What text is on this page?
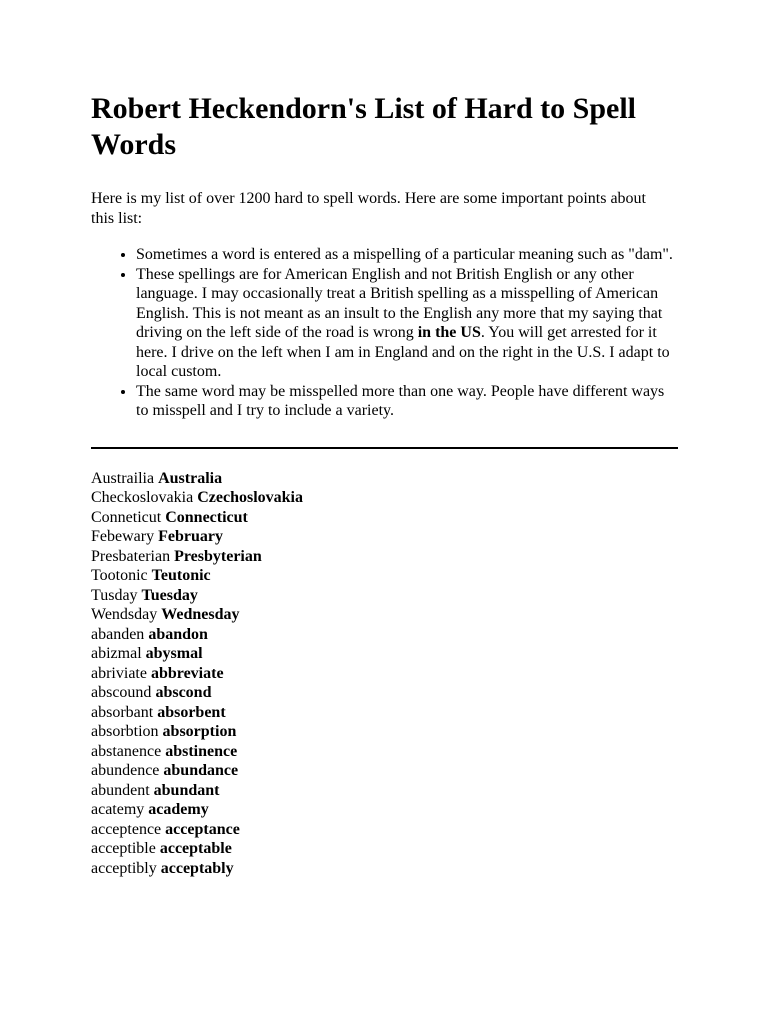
Robert Heckendorn's List of Hard to Spell Words

Here is my list of over 1200 hard to spell words. Here are some important points about this list:

• Sometimes a word is entered as a mispelling of a particular meaning such as "dam".
• These spellings are for American English and not British English or any other language. I may occasionally treat a British spelling as a misspelling of American English. This is not meant as an insult to the English any more that my saying that driving on the left side of the road is wrong in the US. You will get arrested for it here. I drive on the left when I am in England and on the right in the U.S. I adapt to local custom.
• The same word may be misspelled more than one way. People have different ways to misspell and I try to include a variety.
Austrailia Australia
Checkoslovakia Czechoslovakia
Conneticut Connecticut
Febewary February
Presbaterian Presbyterian
Tootonic Teutonic
Tusday Tuesday
Wendsday Wednesday
abanden abandon
abizmal abysmal
abriviate abbreviate
abscound abscond
absorbant absorbent
absorbtion absorption
abstanence abstinence
abundence abundance
abundent abundant
acatemy academy
acceptence acceptance
acceptible acceptable
acceptibly acceptably
